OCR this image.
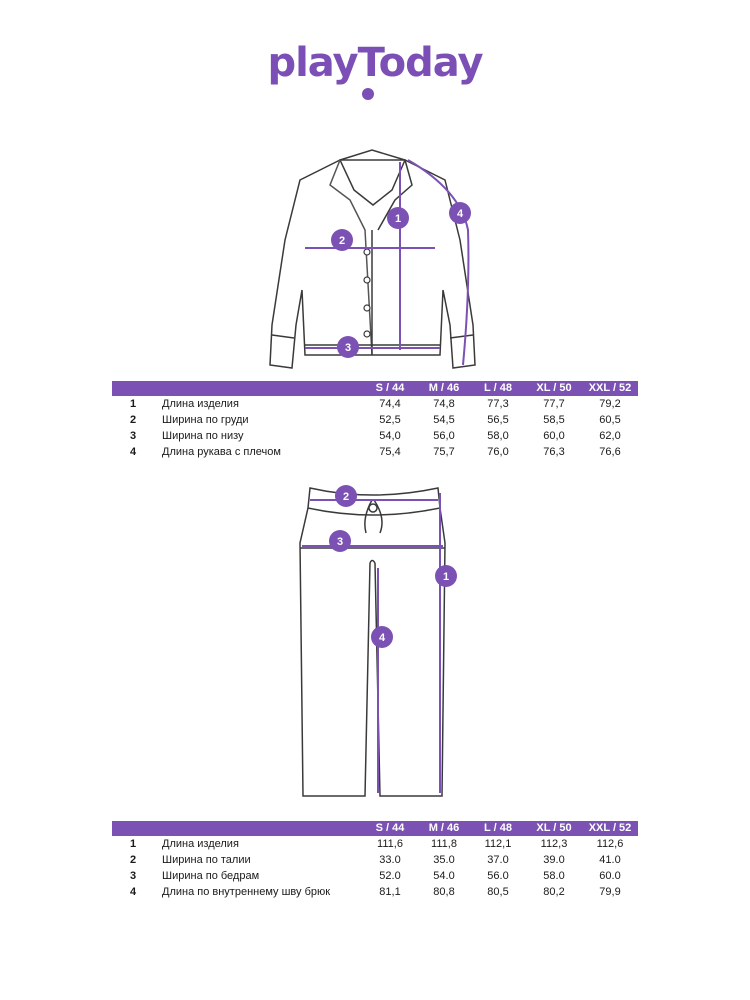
playToday
1
2
3
4
S / 44	M / 46	L / 48	XL / 50	XXL / 52
1 Длина изделия	74,4	74,8	77,3	77,7	79,2
2 Ширина по груди	52,5	54,5	56,5	58,5	60,5
3 Ширина по низу	54,0	56,0	58,0	60,0	62,0
4 Длина рукава с плечом	75,4	75,7	76,0	76,3	76,6
1
2
3
4
S / 44	M / 46	L / 48	XL / 50	XXL / 52
1 Длина изделия	111,6	111,8	112,1	112,3	112,6
2 Ширина по талии	33.0	35.0	37.0	39.0	41.0
3 Ширина по бедрам	52.0	54.0	56.0	58.0	60.0
4 Длина по внутреннему шву брюк	81,1	80,8	80,5	80,2	79,9
